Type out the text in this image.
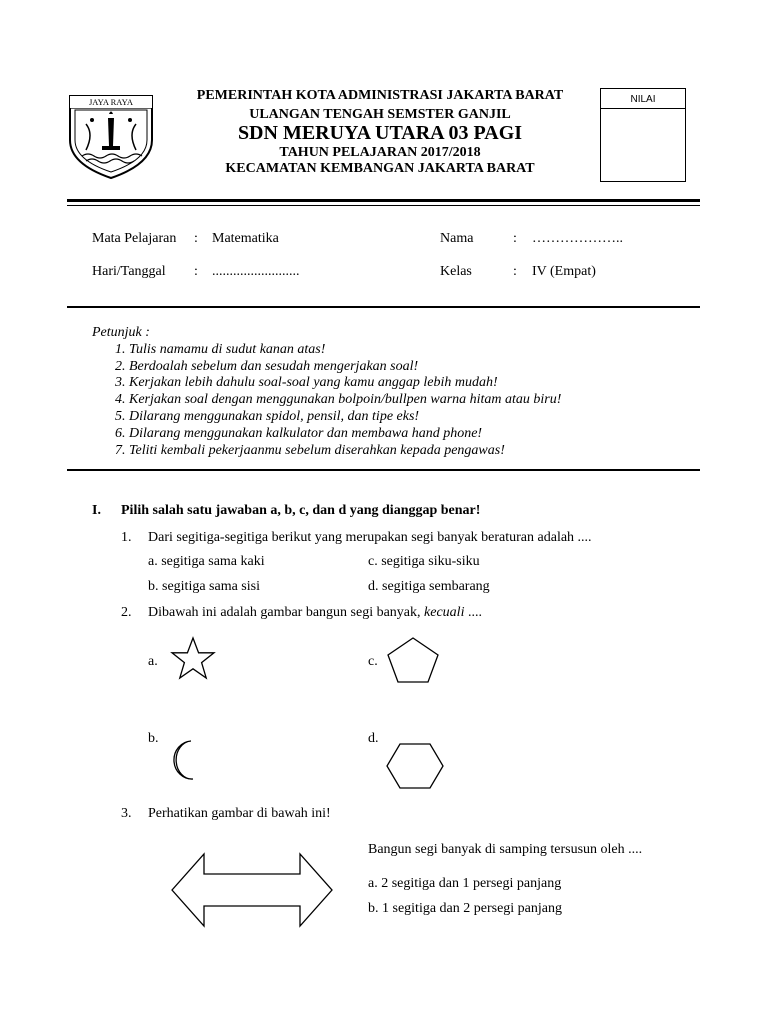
JAYA RAYA	PEMERINTAH KOTA ADMINISTRASI JAKARTA BARAT
ULANGAN TENGAH SEMSTER GANJIL
SDN MERUYA UTARA 03 PAGI
TAHUN PELAJARAN 2017/2018
KECAMATAN KEMBANGAN JAKARTA BARAT
NILAI
Mata Pelajaran : Matematika	Nama	: ………………..
Hari/Tanggal : .........................	Kelas	: IV (Empat)
Petunjuk :
1. Tulis namamu di sudut kanan atas!
2. Berdoalah sebelum dan sesudah mengerjakan soal!
3. Kerjakan lebih dahulu soal-soal yang kamu anggap lebih mudah!
4. Kerjakan soal dengan menggunakan bolpoin/bullpen warna hitam atau biru!
5. Dilarang menggunakan spidol, pensil, dan tipe eks!
6. Dilarang menggunakan kalkulator dan membawa hand phone!
7. Teliti kembali pekerjaanmu sebelum diserahkan kepada pengawas!
I. Pilih salah satu jawaban a, b, c, dan d yang dianggap benar!
1. Dari segitiga-segitiga berikut yang merupakan segi banyak beraturan adalah ....
a. segitiga sama kaki	c. segitiga siku-siku
b. segitiga sama sisi	d. segitiga sembarang
2. Dibawah ini adalah gambar bangun segi banyak, kecuali ....
a.	c.
b.	d.
3. Perhatikan gambar di bawah ini!
Bangun segi banyak di samping tersusun oleh ....
a. 2 segitiga dan 1 persegi panjang
b. 1 segitiga dan 2 persegi panjang
